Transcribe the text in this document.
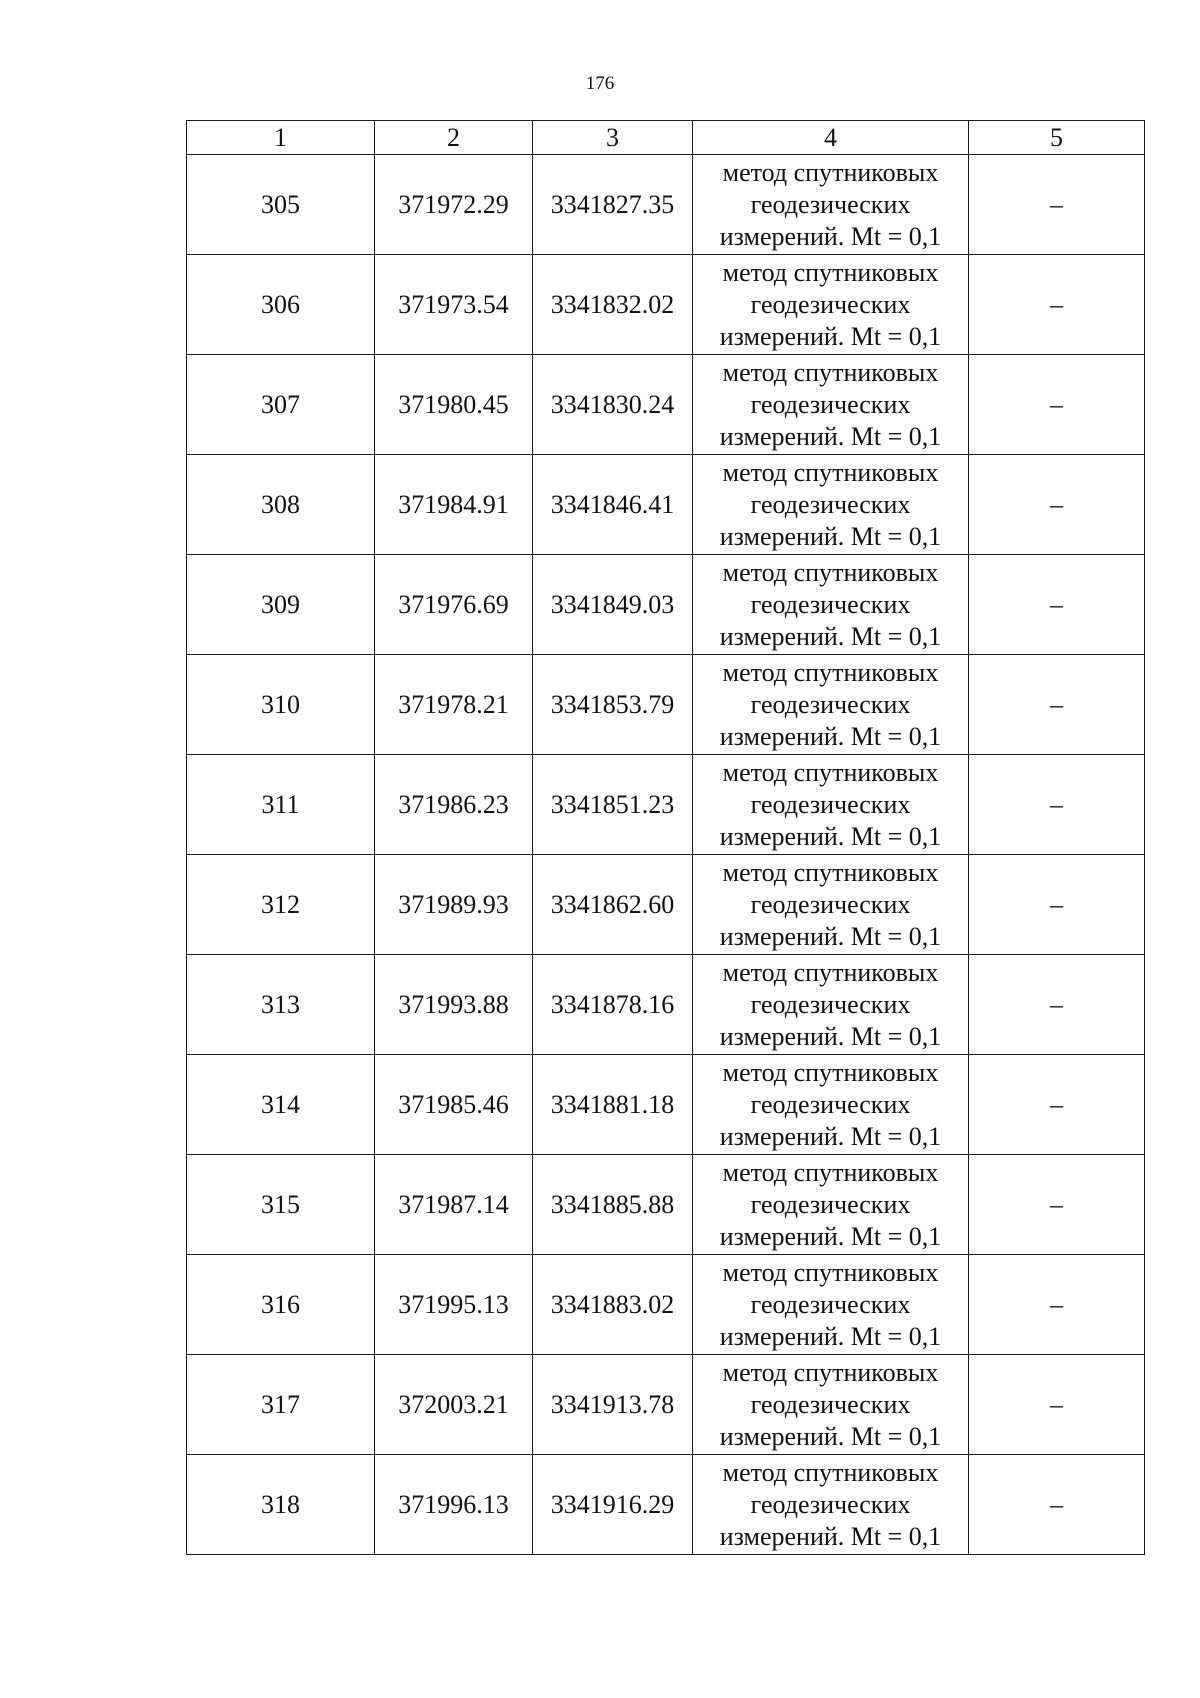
176
1	2	3	4	5
305	371972.29	3341827.35	метод спутниковых
геодезических
измерений. Mt = 0,1	–
306	371973.54	3341832.02	метод спутниковых
геодезических
измерений. Mt = 0,1	–
307	371980.45	3341830.24	метод спутниковых
геодезических
измерений. Mt = 0,1	–
308	371984.91	3341846.41	метод спутниковых
геодезических
измерений. Mt = 0,1	–
309	371976.69	3341849.03	метод спутниковых
геодезических
измерений. Mt = 0,1	–
310	371978.21	3341853.79	метод спутниковых
геодезических
измерений. Mt = 0,1	–
311	371986.23	3341851.23	метод спутниковых
геодезических
измерений. Mt = 0,1	–
312	371989.93	3341862.60	метод спутниковых
геодезических
измерений. Mt = 0,1	–
313	371993.88	3341878.16	метод спутниковых
геодезических
измерений. Mt = 0,1	–
314	371985.46	3341881.18	метод спутниковых
геодезических
измерений. Mt = 0,1	–
315	371987.14	3341885.88	метод спутниковых
геодезических
измерений. Mt = 0,1	–
316	371995.13	3341883.02	метод спутниковых
геодезических
измерений. Mt = 0,1	–
317	372003.21	3341913.78	метод спутниковых
геодезических
измерений. Mt = 0,1	–
318	371996.13	3341916.29	метод спутниковых
геодезических
измерений. Mt = 0,1	–
